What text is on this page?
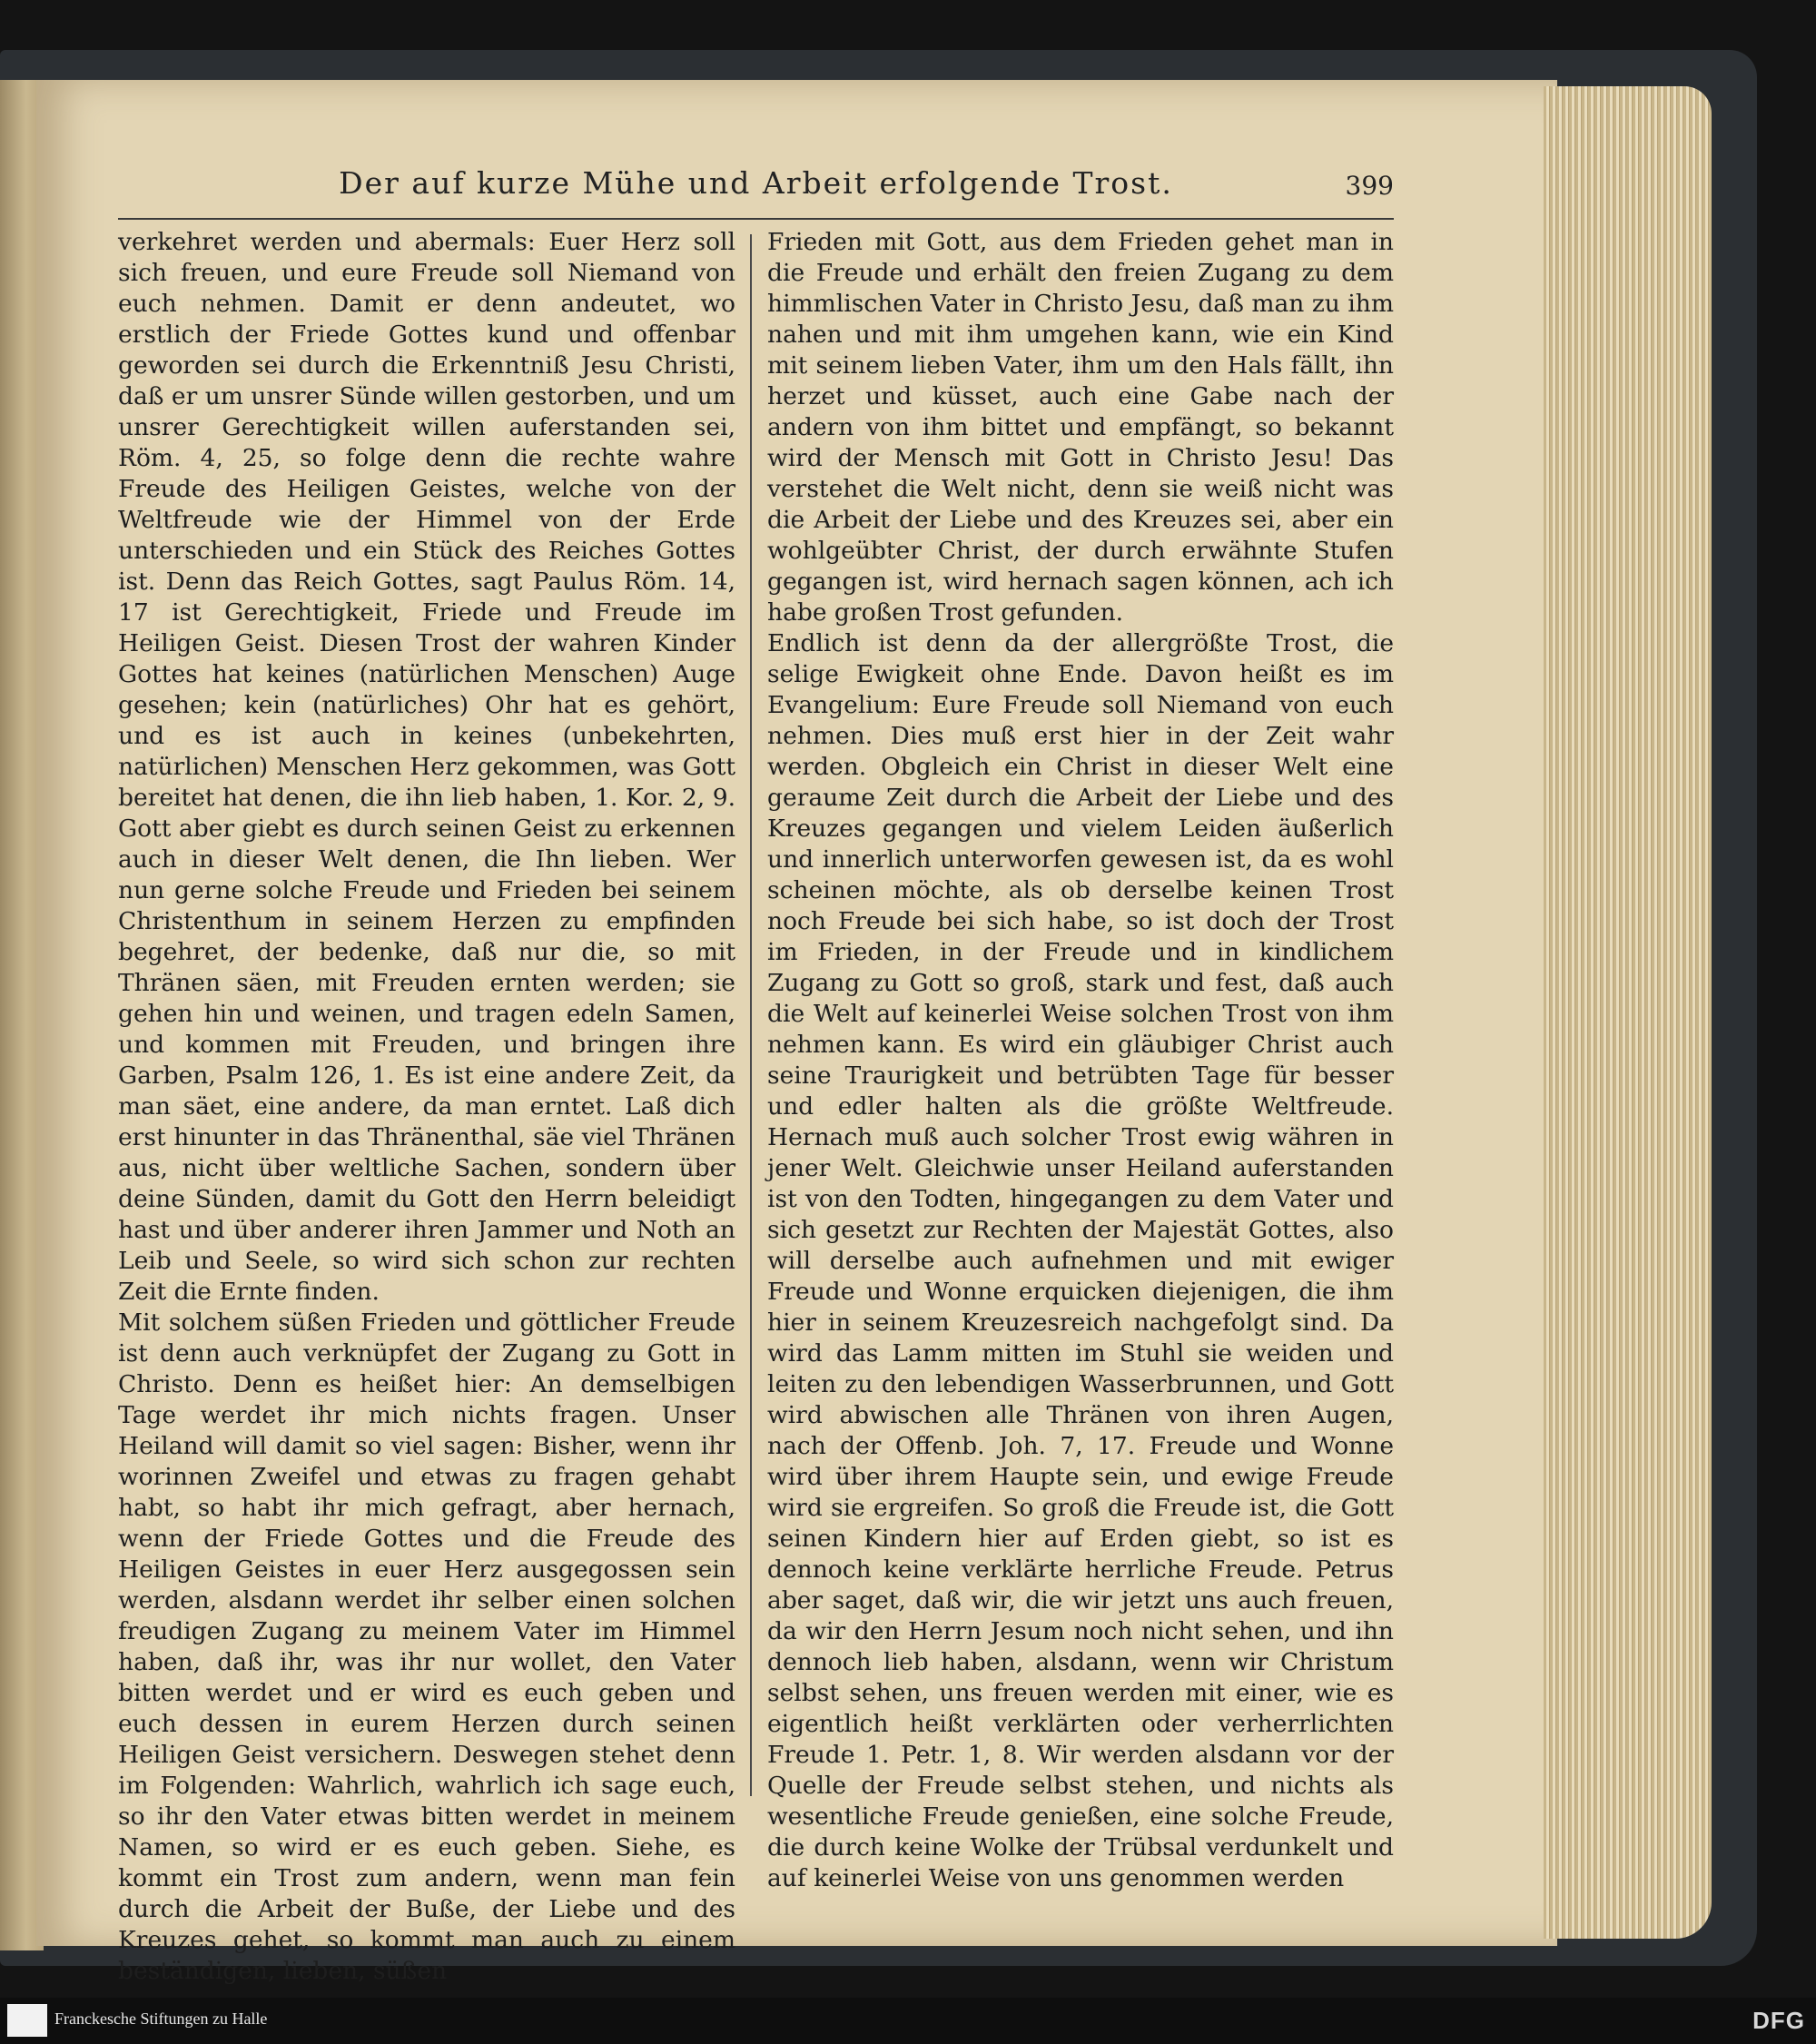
Der auf kurze Mühe und Arbeit erfolgende Trost.	399

verkehret werden und abermals: Euer Herz soll sich freuen, und eure Freude soll Niemand von euch nehmen. Damit er denn andeutet, wo erstlich der Friede Gottes kund und offenbar geworden sei durch die Erkenntniß Jesu Christi, daß er um unsrer Sünde willen gestorben, und um unsrer Gerechtigkeit willen auferstanden sei, Röm. 4, 25, so folge denn die rechte wahre Freude des Heiligen Geistes, welche von der Weltfreude wie der Himmel von der Erde unterschieden und ein Stück des Reiches Gottes ist. Denn das Reich Gottes, sagt Paulus Röm. 14, 17 ist Gerechtigkeit, Friede und Freude im Heiligen Geist. Diesen Trost der wahren Kinder Gottes hat keines (natürlichen Menschen) Auge gesehen; kein (natürliches) Ohr hat es gehört, und es ist auch in keines (unbekehrten, natürlichen) Menschen Herz gekommen, was Gott bereitet hat denen, die ihn lieb haben, 1. Kor. 2, 9. Gott aber giebt es durch seinen Geist zu erkennen auch in dieser Welt denen, die Ihn lieben. Wer nun gerne solche Freude und Frieden bei seinem Christenthum in seinem Herzen zu empfinden begehret, der bedenke, daß nur die, so mit Thränen säen, mit Freuden ernten werden; sie gehen hin und weinen, und tragen edeln Samen, und kommen mit Freuden, und bringen ihre Garben, Psalm 126, 1. Es ist eine andere Zeit, da man säet, eine andere, da man erntet. Laß dich erst hinunter in das Thränenthal, säe viel Thränen aus, nicht über weltliche Sachen, sondern über deine Sünden, damit du Gott den Herrn beleidigt hast und über anderer ihren Jammer und Noth an Leib und Seele, so wird sich schon zur rechten Zeit die Ernte finden.
Mit solchem süßen Frieden und göttlicher Freude ist denn auch verknüpfet der Zugang zu Gott in Christo. Denn es heißet hier: An demselbigen Tage werdet ihr mich nichts fragen. Unser Heiland will damit so viel sagen: Bisher, wenn ihr worinnen Zweifel und etwas zu fragen gehabt habt, so habt ihr mich gefragt, aber hernach, wenn der Friede Gottes und die Freude des Heiligen Geistes in euer Herz ausgegossen sein werden, alsdann werdet ihr selber einen solchen freudigen Zugang zu meinem Vater im Himmel haben, daß ihr, was ihr nur wollet, den Vater bitten werdet und er wird es euch geben und euch dessen in eurem Herzen durch seinen Heiligen Geist versichern. Deswegen stehet denn im Folgenden: Wahrlich, wahrlich ich sage euch, so ihr den Vater etwas bitten werdet in meinem Namen, so wird er es euch geben. Siehe, es kommt ein Trost zum andern, wenn man fein durch die Arbeit der Buße, der Liebe und des Kreuzes gehet, so kommt man auch zu einem beständigen, lieben, süßen

Frieden mit Gott, aus dem Frieden gehet man in die Freude und erhält den freien Zugang zu dem himmlischen Vater in Christo Jesu, daß man zu ihm nahen und mit ihm umgehen kann, wie ein Kind mit seinem lieben Vater, ihm um den Hals fällt, ihn herzet und küsset, auch eine Gabe nach der andern von ihm bittet und empfängt, so bekannt wird der Mensch mit Gott in Christo Jesu! Das verstehet die Welt nicht, denn sie weiß nicht was die Arbeit der Liebe und des Kreuzes sei, aber ein wohlgeübter Christ, der durch erwähnte Stufen gegangen ist, wird hernach sagen können, ach ich habe großen Trost gefunden.
Endlich ist denn da der allergrößte Trost, die selige Ewigkeit ohne Ende. Davon heißt es im Evangelium: Eure Freude soll Niemand von euch nehmen. Dies muß erst hier in der Zeit wahr werden. Obgleich ein Christ in dieser Welt eine geraume Zeit durch die Arbeit der Liebe und des Kreuzes gegangen und vielem Leiden äußerlich und innerlich unterworfen gewesen ist, da es wohl scheinen möchte, als ob derselbe keinen Trost noch Freude bei sich habe, so ist doch der Trost im Frieden, in der Freude und in kindlichem Zugang zu Gott so groß, stark und fest, daß auch die Welt auf keinerlei Weise solchen Trost von ihm nehmen kann. Es wird ein gläubiger Christ auch seine Traurigkeit und betrübten Tage für besser und edler halten als die größte Weltfreude. Hernach muß auch solcher Trost ewig währen in jener Welt. Gleichwie unser Heiland auferstanden ist von den Todten, hingegangen zu dem Vater und sich gesetzt zur Rechten der Majestät Gottes, also will derselbe auch aufnehmen und mit ewiger Freude und Wonne erquicken diejenigen, die ihm hier in seinem Kreuzesreich nachgefolgt sind. Da wird das Lamm mitten im Stuhl sie weiden und leiten zu den lebendigen Wasserbrunnen, und Gott wird abwischen alle Thränen von ihren Augen, nach der Offenb. Joh. 7, 17. Freude und Wonne wird über ihrem Haupte sein, und ewige Freude wird sie ergreifen. So groß die Freude ist, die Gott seinen Kindern hier auf Erden giebt, so ist es dennoch keine verklärte herrliche Freude. Petrus aber saget, daß wir, die wir jetzt uns auch freuen, da wir den Herrn Jesum noch nicht sehen, und ihn dennoch lieb haben, alsdann, wenn wir Christum selbst sehen, uns freuen werden mit einer, wie es eigentlich heißt verklärten oder verherrlichten Freude 1. Petr. 1, 8. Wir werden alsdann vor der Quelle der Freude selbst stehen, und nichts als wesentliche Freude genießen, eine solche Freude, die durch keine Wolke der Trübsal verdunkelt und auf keinerlei Weise von uns genommen werden

Franckesche Stiftungen zu Halle	DFG
